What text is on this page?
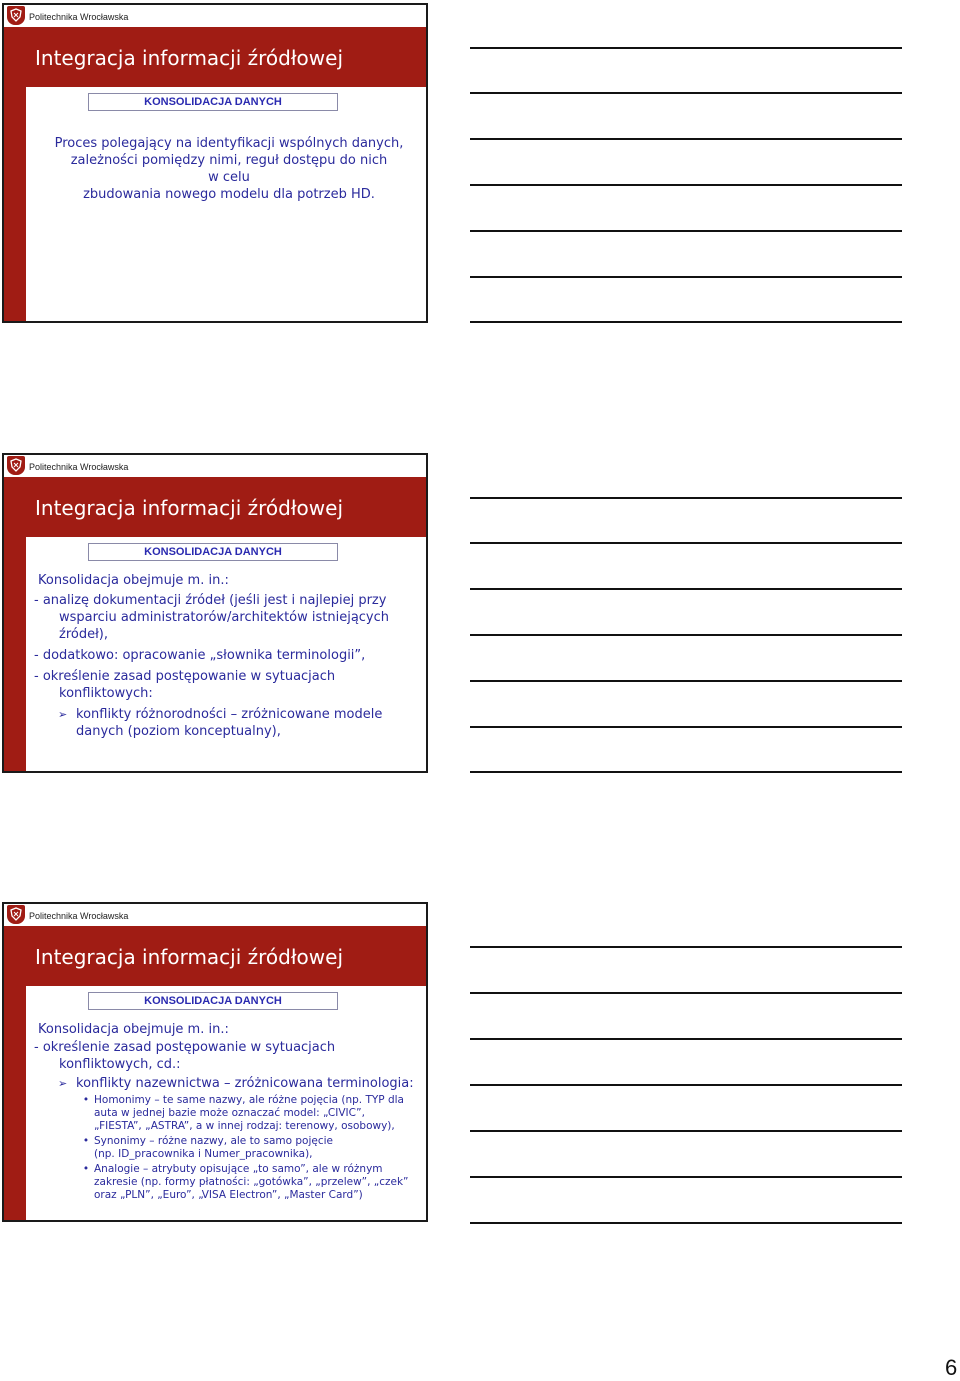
Politechnika Wrocławska
Integracja informacji źródłowej
KONSOLIDACJA DANYCH
Proces polegający na identyfikacji wspólnych danych,
zależności pomiędzy nimi, reguł dostępu do nich
w celu
zbudowania nowego modelu dla potrzeb HD.
Politechnika Wrocławska
Integracja informacji źródłowej
KONSOLIDACJA DANYCH
Konsolidacja obejmuje m. in.:
- analizę dokumentacji źródeł (jeśli jest i najlepiej przy
wsparciu administratorów/architektów istniejących
źródeł),
- dodatkowo: opracowanie „słownika terminologii”,
- określenie zasad postępowanie w sytuacjach
konfliktowych:
➢ konflikty różnorodności – zróżnicowane modele
danych (poziom konceptualny),
Politechnika Wrocławska
Integracja informacji źródłowej
KONSOLIDACJA DANYCH
Konsolidacja obejmuje m. in.:
- określenie zasad postępowanie w sytuacjach
konfliktowych, cd.:
➢ konflikty nazewnictwa – zróżnicowana terminologia:
• Homonimy – te same nazwy, ale różne pojęcia (np. TYP dla
auta w jednej bazie może oznaczać model: „CIVIC”,
„FIESTA”, „ASTRA”, a w innej rodzaj: terenowy, osobowy),
• Synonimy – różne nazwy, ale to samo pojęcie
(np. ID_pracownika i Numer_pracownika),
• Analogie – atrybuty opisujące „to samo”, ale w różnym
zakresie (np. formy płatności: „gotówka”, „przelew”, „czek”
oraz „PLN”, „Euro”, „VISA Electron”, „Master Card”)
6
